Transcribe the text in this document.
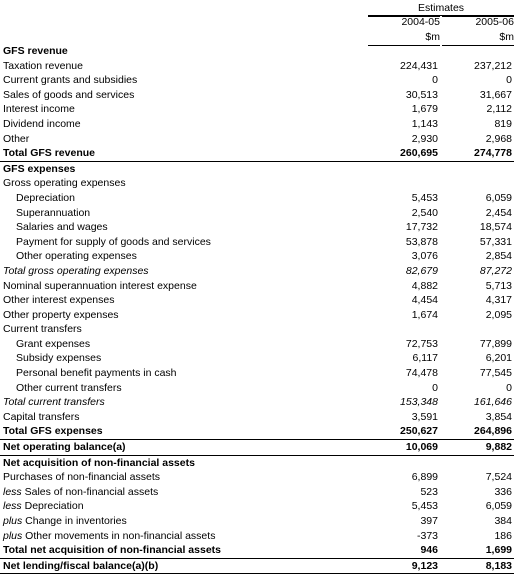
Estimates
2004-05	2005-06
$m	$m
GFS revenue
Taxation revenue	224,431	237,212
Current grants and subsidies	0	0
Sales of goods and services	30,513	31,667
Interest income	1,679	2,112
Dividend income	1,143	819
Other	2,930	2,968
Total GFS revenue	260,695	274,778
GFS expenses
Gross operating expenses
Depreciation	5,453	6,059
Superannuation	2,540	2,454
Salaries and wages	17,732	18,574
Payment for supply of goods and services	53,878	57,331
Other operating expenses	3,076	2,854
Total gross operating expenses	82,679	87,272
Nominal superannuation interest expense	4,882	5,713
Other interest expenses	4,454	4,317
Other property expenses	1,674	2,095
Current transfers
Grant expenses	72,753	77,899
Subsidy expenses	6,117	6,201
Personal benefit payments in cash	74,478	77,545
Other current transfers	0	0
Total current transfers	153,348	161,646
Capital transfers	3,591	3,854
Total GFS expenses	250,627	264,896
Net operating balance(a)	10,069	9,882
Net acquisition of non-financial assets
Purchases of non-financial assets	6,899	7,524
less Sales of non-financial assets	523	336
less Depreciation	5,453	6,059
plus Change in inventories	397	384
plus Other movements in non-financial assets	-373	186
Total net acquisition of non-financial assets	946	1,699
Net lending/fiscal balance(a)(b)	9,123	8,183
